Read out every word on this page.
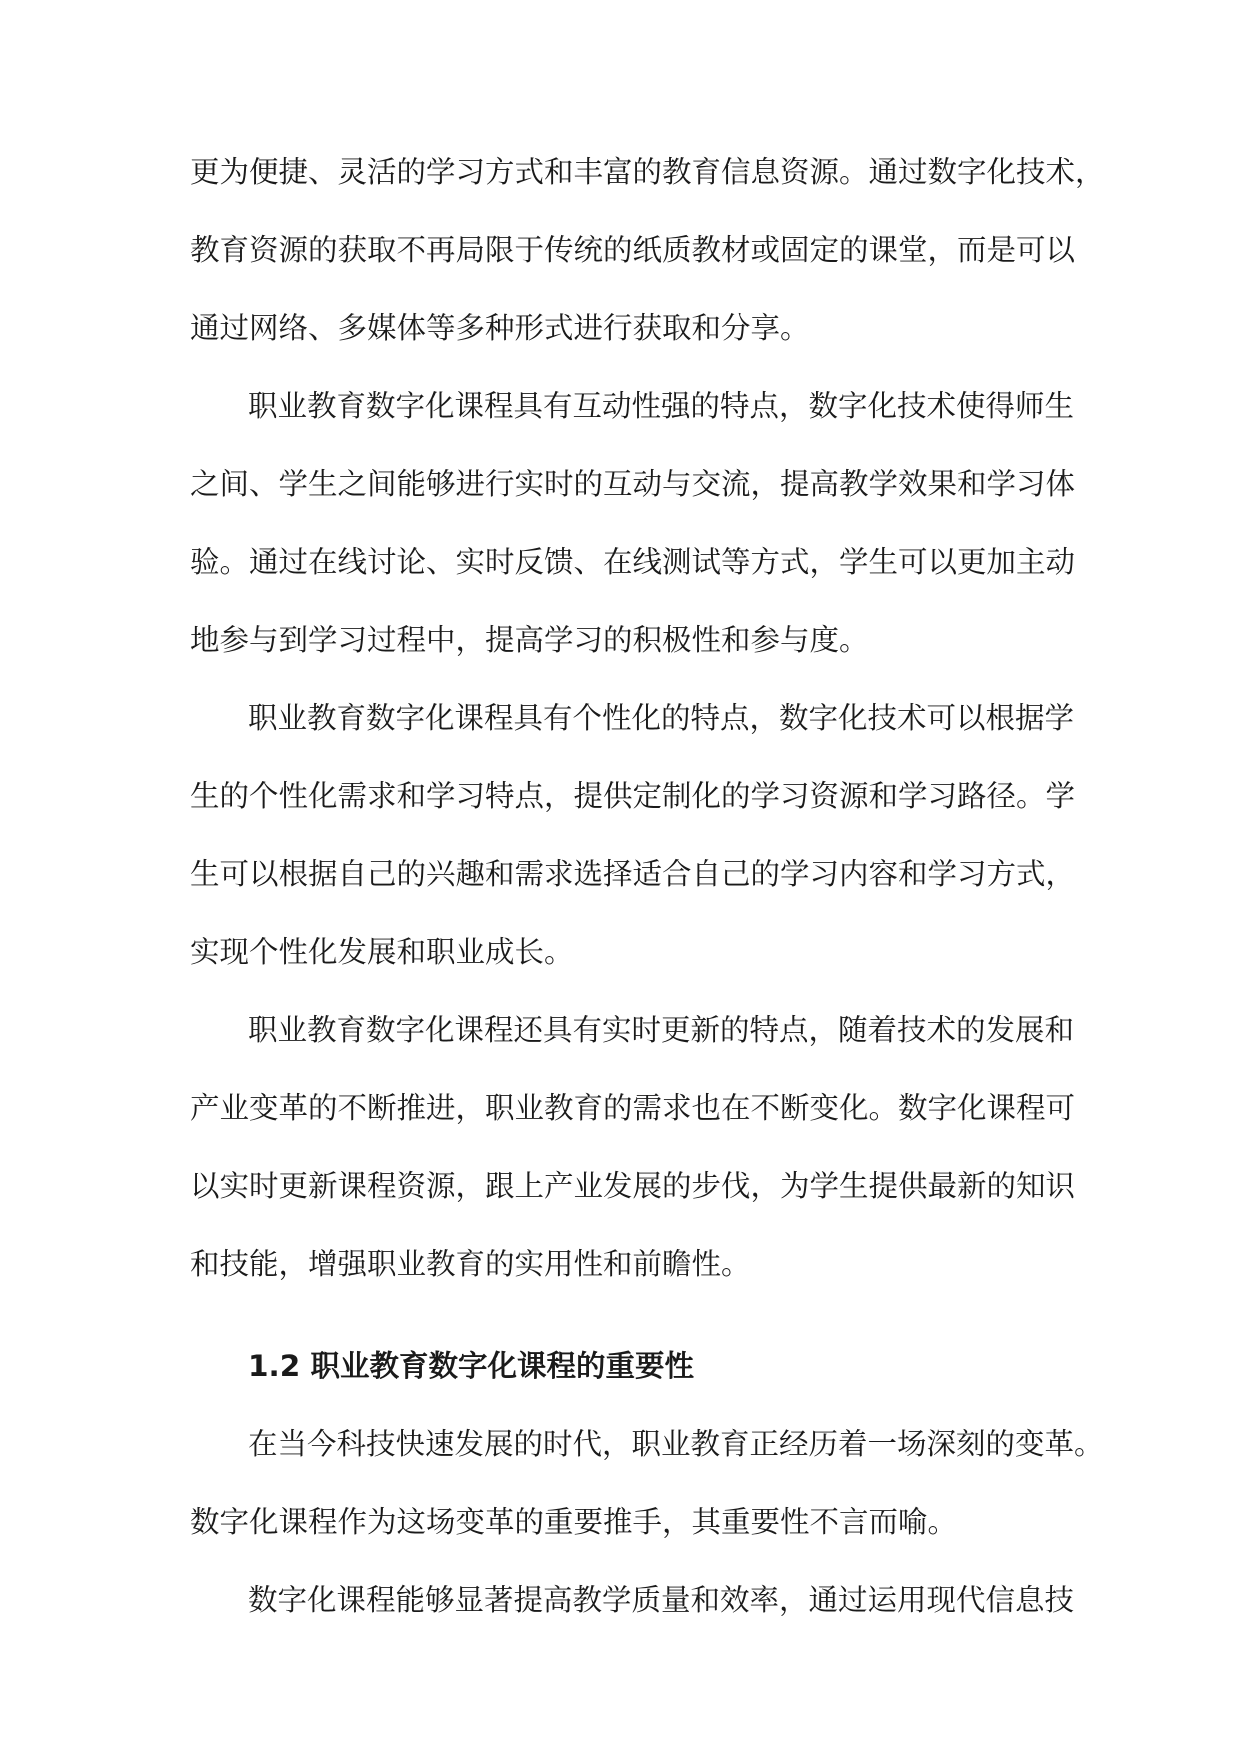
更为便捷、灵活的学习方式和丰富的教育信息资源。通过数字化技术，
教育资源的获取不再局限于传统的纸质教材或固定的课堂，而是可以
通过网络、多媒体等多种形式进行获取和分享。
职业教育数字化课程具有互动性强的特点，数字化技术使得师生
之间、学生之间能够进行实时的互动与交流，提高教学效果和学习体
验。通过在线讨论、实时反馈、在线测试等方式，学生可以更加主动
地参与到学习过程中，提高学习的积极性和参与度。
职业教育数字化课程具有个性化的特点，数字化技术可以根据学
生的个性化需求和学习特点，提供定制化的学习资源和学习路径。学
生可以根据自己的兴趣和需求选择适合自己的学习内容和学习方式，
实现个性化发展和职业成长。
职业教育数字化课程还具有实时更新的特点，随着技术的发展和
产业变革的不断推进，职业教育的需求也在不断变化。数字化课程可
以实时更新课程资源，跟上产业发展的步伐，为学生提供最新的知识
和技能，增强职业教育的实用性和前瞻性。
1.2 职业教育数字化课程的重要性
在当今科技快速发展的时代，职业教育正经历着一场深刻的变革。
数字化课程作为这场变革的重要推手，其重要性不言而喻。
数字化课程能够显著提高教学质量和效率，通过运用现代信息技
